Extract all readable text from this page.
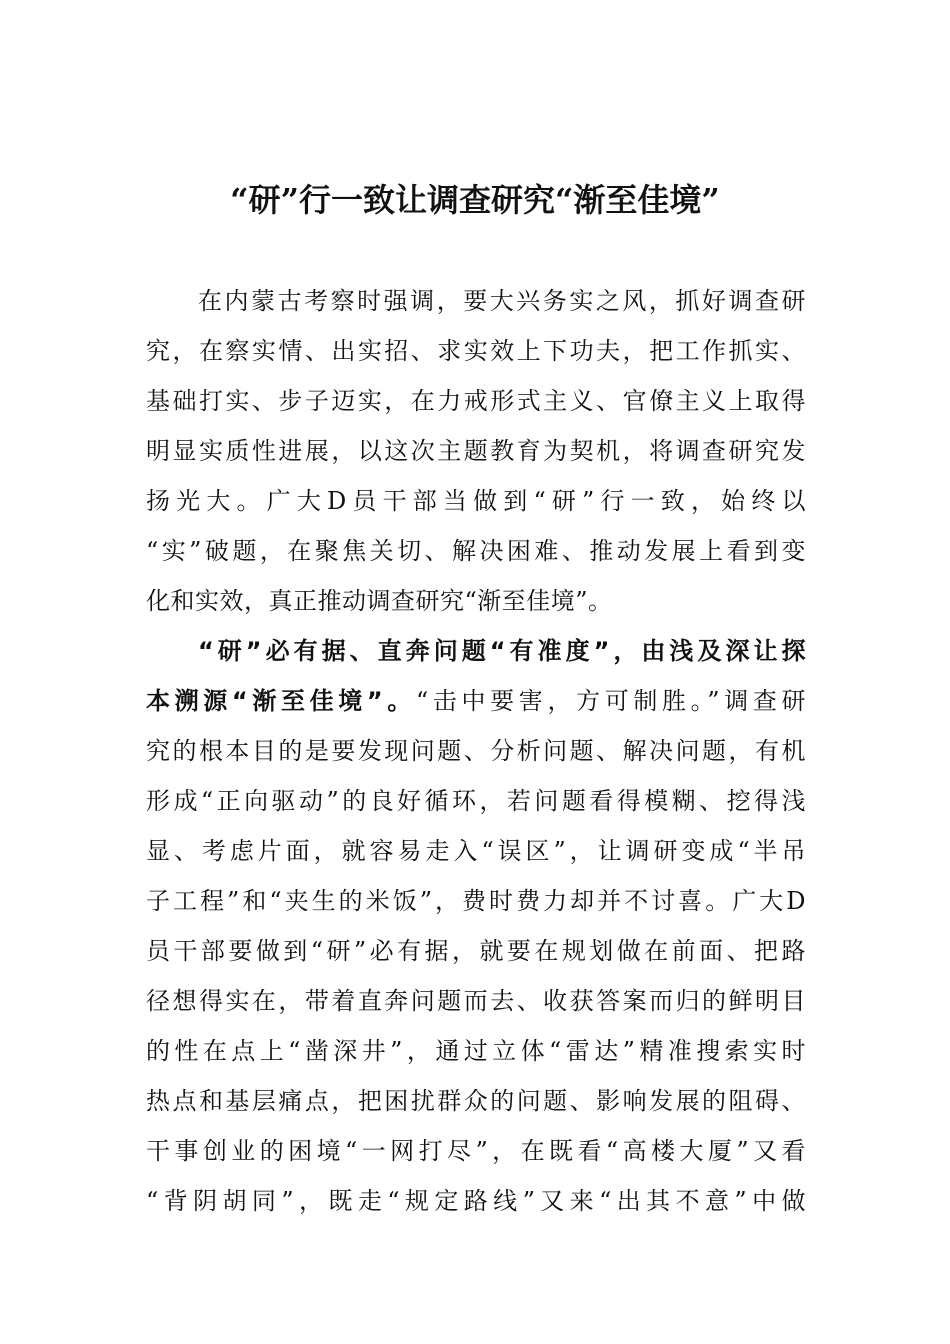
“研”行一致让调查研究“渐至佳境”
在内蒙古考察时强调，要大兴务实之风，抓好调查研
究，在察实情、出实招、求实效上下功夫，把工作抓实、
基础打实、步子迈实，在力戒形式主义、官僚主义上取得
明显实质性进展，以这次主题教育为契机，将调查研究发
扬光大。广大D员干部当做到“研”行一致，始终以
“实”破题，在聚焦关切、解决困难、推动发展上看到变
化和实效，真正推动调查研究“渐至佳境”。
“研”必有据、直奔问题“有准度”，由浅及深让探
本溯源“渐至佳境”。“击中要害，方可制胜。”调查研
究的根本目的是要发现问题、分析问题、解决问题，有机
形成“正向驱动”的良好循环，若问题看得模糊、挖得浅
显、考虑片面，就容易走入“误区”，让调研变成“半吊
子工程”和“夹生的米饭”，费时费力却并不讨喜。广大D
员干部要做到“研”必有据，就要在规划做在前面、把路
径想得实在，带着直奔问题而去、收获答案而归的鲜明目
的性在点上“凿深井”，通过立体“雷达”精准搜索实时
热点和基层痛点，把困扰群众的问题、影响发展的阻碍、
干事创业的困境“一网打尽”，在既看“高楼大厦”又看
“背阴胡同”，既走“规定路线”又来“出其不意”中做
